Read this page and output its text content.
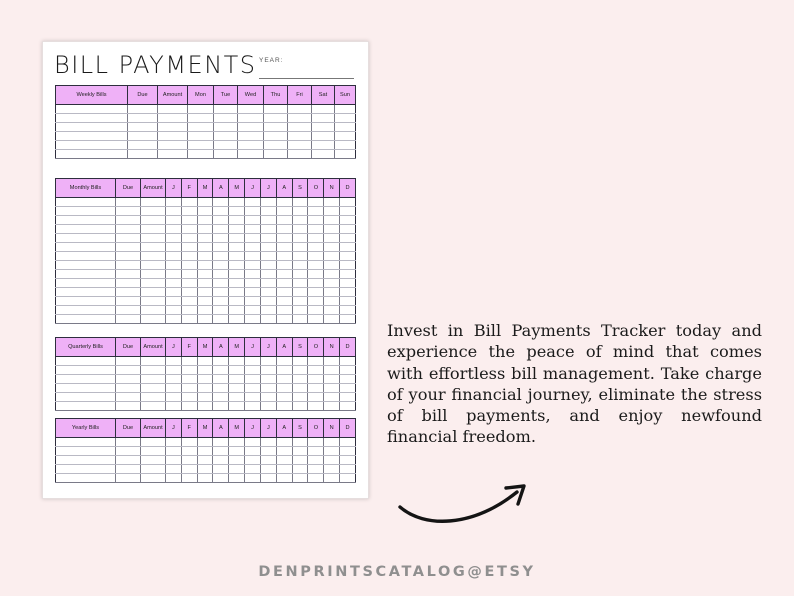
BILL PAYMENTS YEAR:
Weekly Bills	Due	Amount	Mon	Tue	Wed	Thu	Fri	Sat	Sun

Monthly Bills	Due	Amount	J	F	M	A	M	J	J	A	S	O	N	D

Quarterly Bills	Due	Amount	J	F	M	A	M	J	J	A	S	O	N	D

Yearly Bills	Due	Amount	J	F	M	A	M	J	J	A	S	O	N	D

Invest in Bill Payments Tracker today and experience the peace of mind that comes with effortless bill management. Take charge of your financial journey, eliminate the stress of bill payments, and enjoy newfound financial freedom.
DENPRINTSCATALOG@ETSY
